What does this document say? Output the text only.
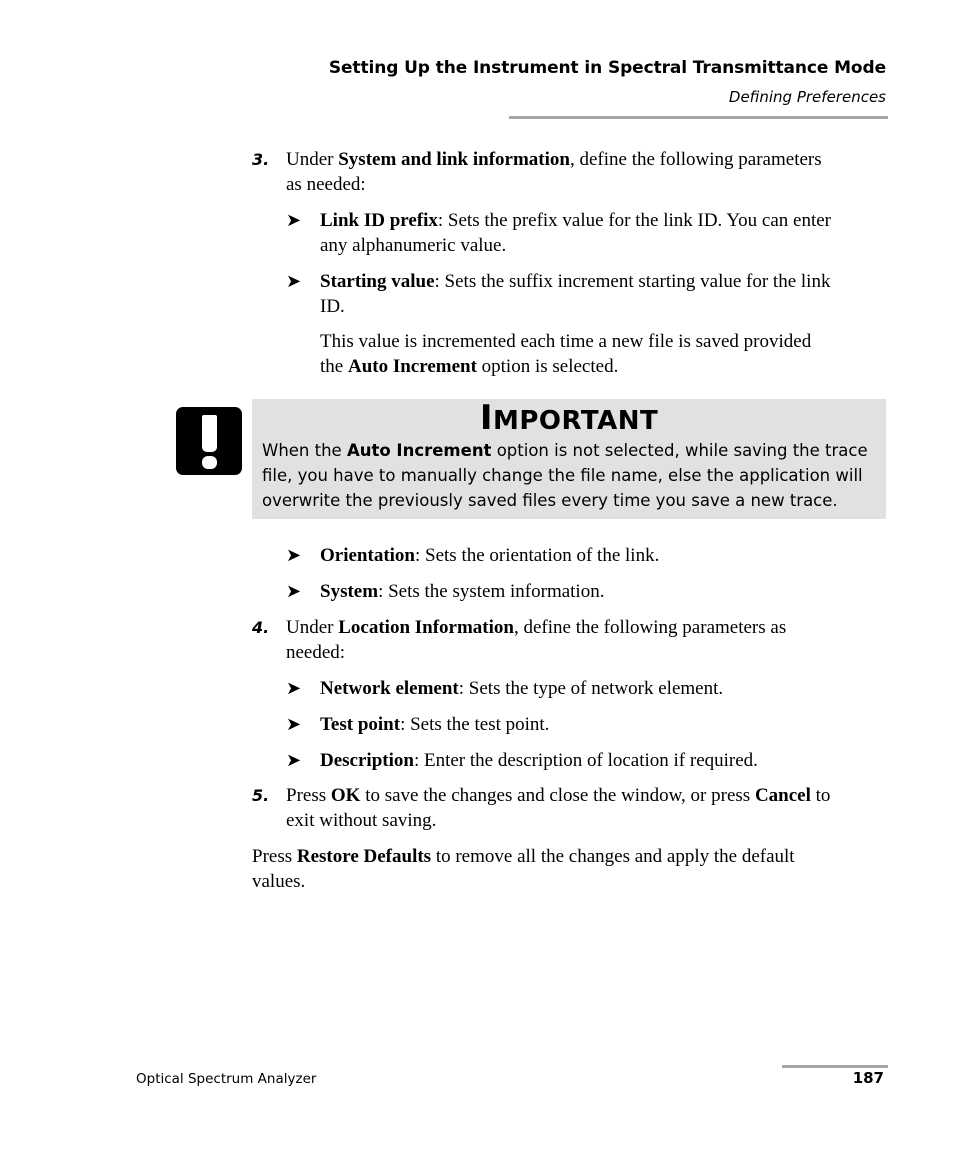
Setting Up the Instrument in Spectral Transmittance Mode
Defining Preferences
3. Under System and link information, define the following parameters
as needed:
➤ Link ID prefix: Sets the prefix value for the link ID. You can enter
any alphanumeric value.
➤ Starting value: Sets the suffix increment starting value for the link
ID.
This value is incremented each time a new file is saved provided
the Auto Increment option is selected.
IMPORTANT
When the Auto Increment option is not selected, while saving the trace
file, you have to manually change the file name, else the application will
overwrite the previously saved files every time you save a new trace.
➤ Orientation: Sets the orientation of the link.
➤ System: Sets the system information.
4. Under Location Information, define the following parameters as
needed:
➤ Network element: Sets the type of network element.
➤ Test point: Sets the test point.
➤ Description: Enter the description of location if required.
5. Press OK to save the changes and close the window, or press Cancel to
exit without saving.
Press Restore Defaults to remove all the changes and apply the default
values.
Optical Spectrum Analyzer	187
